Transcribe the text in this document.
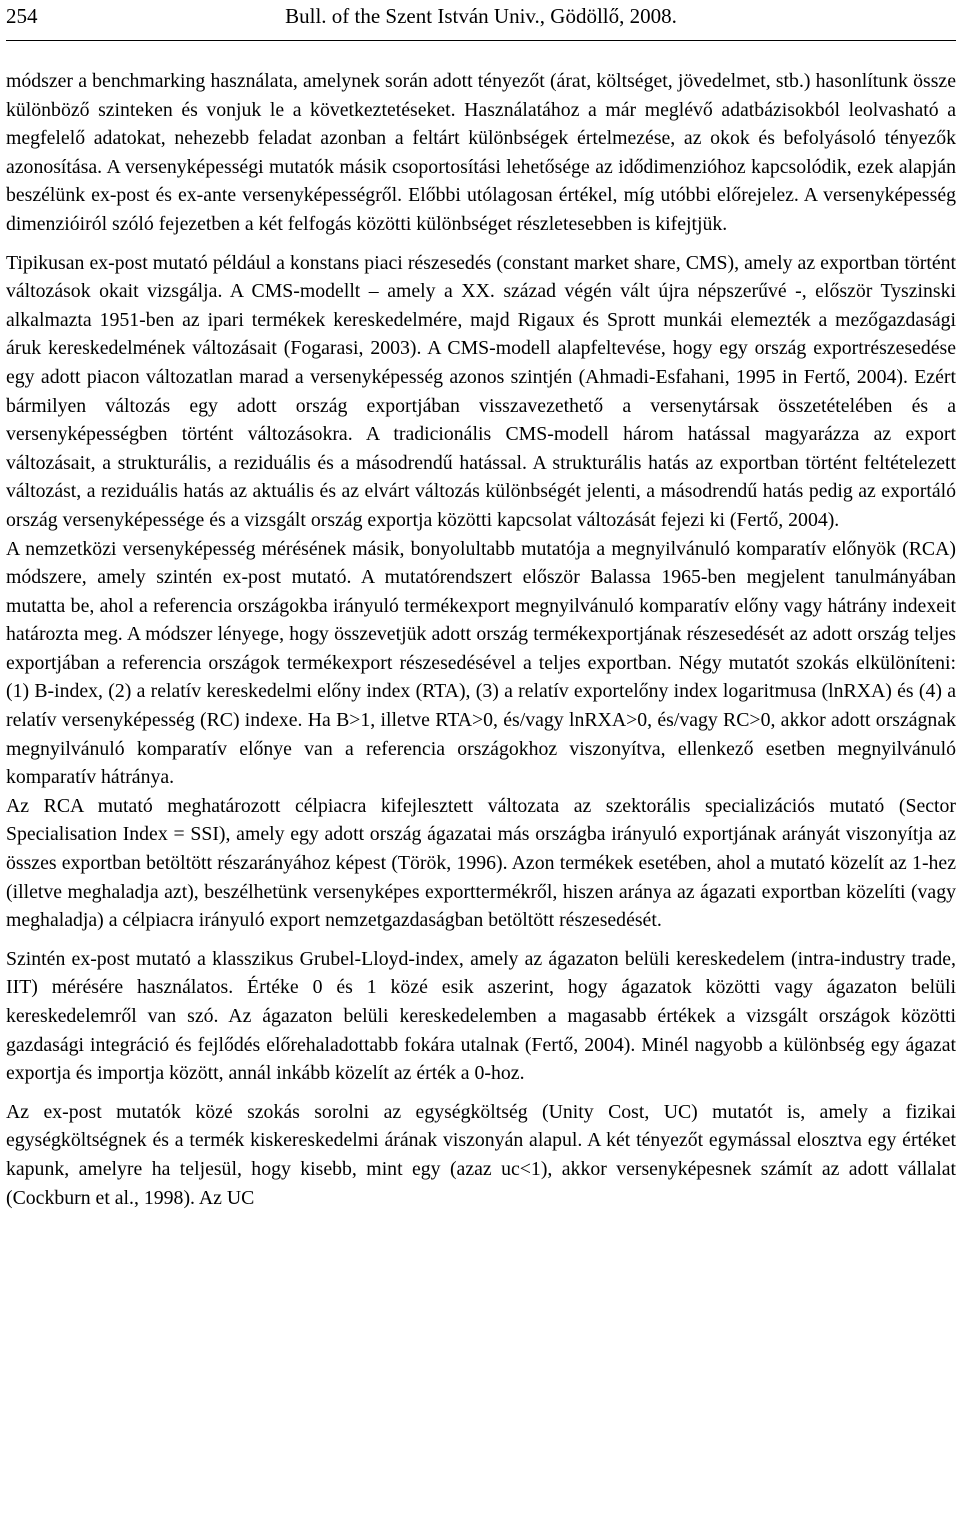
254	Bull. of the Szent István Univ., Gödöllő, 2008.

módszer a benchmarking használata, amelynek során adott tényezőt (árat, költséget, jövedelmet, stb.) hasonlítunk össze különböző szinteken és vonjuk le a következtetéseket. Használatához a már meglévő adatbázisokból leolvasható a megfelelő adatokat, nehezebb feladat azonban a feltárt különbségek értelmezése, az okok és befolyásoló tényezők azonosítása. A versenyképességi mutatók másik csoportosítási lehetősége az idődimenzióhoz kapcsolódik, ezek alapján beszélünk ex-post és ex-ante versenyképességről. Előbbi utólagosan értékel, míg utóbbi előrejelez. A versenyképesség dimenzióiról szóló fejezetben a két felfogás közötti különbséget részletesebben is kifejtjük.

Tipikusan ex-post mutató például a konstans piaci részesedés (constant market share, CMS), amely az exportban történt változások okait vizsgálja. A CMS-modellt – amely a XX. század végén vált újra népszerűvé -, először Tyszinski alkalmazta 1951-ben az ipari termékek kereskedelmére, majd Rigaux és Sprott munkái elemezték a mezőgazdasági áruk kereskedelmének változásait (Fogarasi, 2003). A CMS-modell alapfeltevése, hogy egy ország exportrészesedése egy adott piacon változatlan marad a versenyképesség azonos szintjén (Ahmadi-Esfahani, 1995 in Fertő, 2004). Ezért bármilyen változás egy adott ország exportjában visszavezethető a versenytársak összetételében és a versenyképességben történt változásokra. A tradicionális CMS-modell három hatással magyarázza az export változásait, a strukturális, a reziduális és a másodrendű hatással. A strukturális hatás az exportban történt feltételezett változást, a reziduális hatás az aktuális és az elvárt változás különbségét jelenti, a másodrendű hatás pedig az exportáló ország versenyképessége és a vizsgált ország exportja közötti kapcsolat változását fejezi ki (Fertő, 2004).

A nemzetközi versenyképesség mérésének másik, bonyolultabb mutatója a megnyilvánuló komparatív előnyök (RCA) módszere, amely szintén ex-post mutató. A mutatórendszert először Balassa 1965-ben megjelent tanulmányában mutatta be, ahol a referencia országokba irányuló termékexport megnyilvánuló komparatív előny vagy hátrány indexeit határozta meg. A módszer lényege, hogy összevetjük adott ország termékexportjának részesedését az adott ország teljes exportjában a referencia országok termékexport részesedésével a teljes exportban. Négy mutatót szokás elkülöníteni: (1) B-index, (2) a relatív kereskedelmi előny index (RTA), (3) a relatív exportelőny index logaritmusa (lnRXA) és (4) a relatív versenyképesség (RC) indexe. Ha B>1, illetve RTA>0, és/vagy lnRXA>0, és/vagy RC>0, akkor adott országnak megnyilvánuló komparatív előnye van a referencia országokhoz viszonyítva, ellenkező esetben megnyilvánuló komparatív hátránya.

Az RCA mutató meghatározott célpiacra kifejlesztett változata az szektorális specializációs mutató (Sector Specialisation Index = SSI), amely egy adott ország ágazatai más országba irányuló exportjának arányát viszonyítja az összes exportban betöltött részarányához képest (Török, 1996). Azon termékek esetében, ahol a mutató közelít az 1-hez (illetve meghaladja azt), beszélhetünk versenyképes exporttermékről, hiszen aránya az ágazati exportban közelíti (vagy meghaladja) a célpiacra irányuló export nemzetgazdaságban betöltött részesedését.

Szintén ex-post mutató a klasszikus Grubel-Lloyd-index, amely az ágazaton belüli kereskedelem (intra-industry trade, IIT) mérésére használatos. Értéke 0 és 1 közé esik aszerint, hogy ágazatok közötti vagy ágazaton belüli kereskedelemről van szó. Az ágazaton belüli kereskedelemben a magasabb értékek a vizsgált országok közötti gazdasági integráció és fejlődés előrehaladottabb fokára utalnak (Fertő, 2004). Minél nagyobb a különbség egy ágazat exportja és importja között, annál inkább közelít az érték a 0-hoz.

Az ex-post mutatók közé szokás sorolni az egységköltség (Unity Cost, UC) mutatót is, amely a fizikai egységköltségnek és a termék kiskereskedelmi árának viszonyán alapul. A két tényezőt egymással elosztva egy értéket kapunk, amelyre ha teljesül, hogy kisebb, mint egy (azaz uc<1), akkor versenyképesnek számít az adott vállalat (Cockburn et al., 1998). Az UC
